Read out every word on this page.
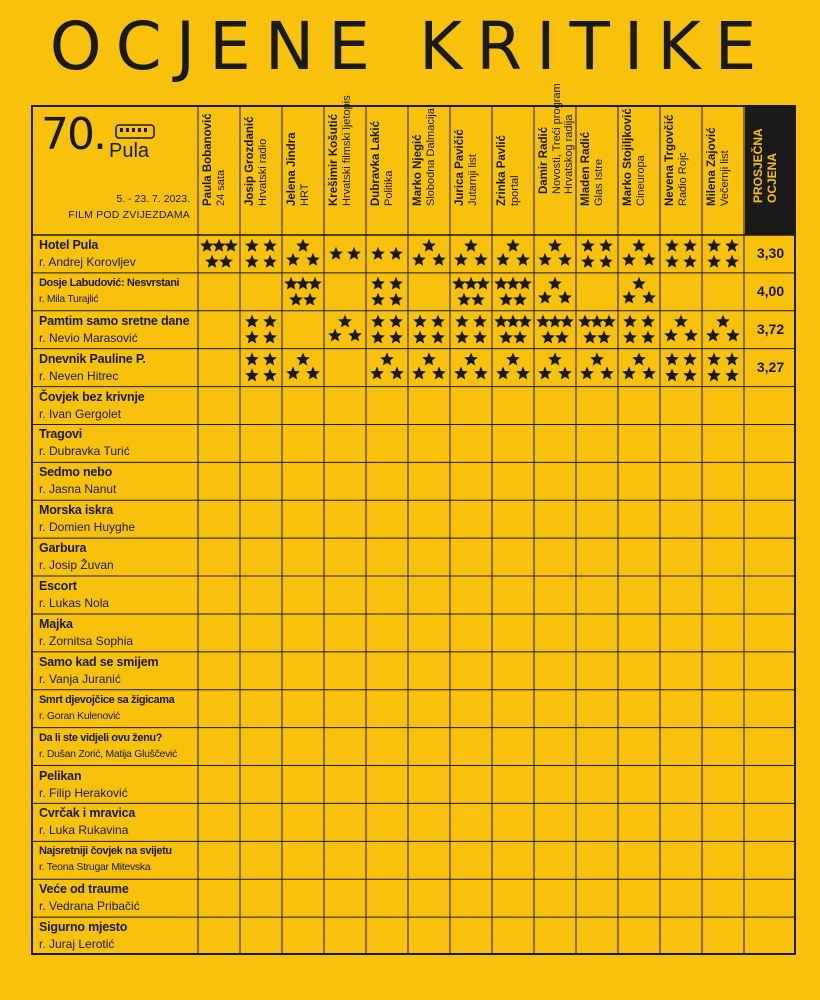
OCJENE KRITIKE
70. Pula
5. - 23. 7. 2023.
FILM POD ZVIJEZDAMA
Paula Bobanović 24 sata Josip Grozdanić Hrvatski radio Jelena Jindra HRT Krešimir Košutić Hrvatski filmski ljetopis Dubravka Lakić Politika Marko Njegić Slobodna Dalmacija Jurica Pavičić Jutarnji list Zrinka Pavlić tportal Damir Radić Novosti, Treći program Hrvatskog radija Mladen Radić Glas Istre Marko Stojiljković Cineuropa Nevena Trgovčić Radio Rojc Milena Zajović Večernji list PROSJEČNA OCJENA
Hotel Pula
r. Andrej Korovljev
3,30
Dosje Labudović: Nesvrstani
r. Mila Turajlić	4,00
Pamtim samo sretne dane
r. Nevio Marasović
3,72
Dnevnik Pauline P.
r. Neven Hitrec
3,27
Čovjek bez krivnje
r. Ivan Gergolet
Tragovi
r. Dubravka Turić
Sedmo nebo
r. Jasna Nanut
Morska iskra
r. Domien Huyghe
Garbura
r. Josip Žuvan
Escort
r. Lukas Nola
Majka
r. Zornitsa Sophia
Samo kad se smijem
r. Vanja Juranić
Smrt djevojčice sa žigicama
r. Goran Kulenović
Da li ste vidjeli ovu ženu?
r. Dušan Zorić, Matija Gluščević
Pelikan
r. Filip Heraković
Cvrčak i mravica
r. Luka Rukavina
Najsretniji čovjek na svijetu
r. Teona Strugar Mitevska
Veće od traume
r. Vedrana Pribačić
Sigurno mjesto
r. Juraj Lerotić
